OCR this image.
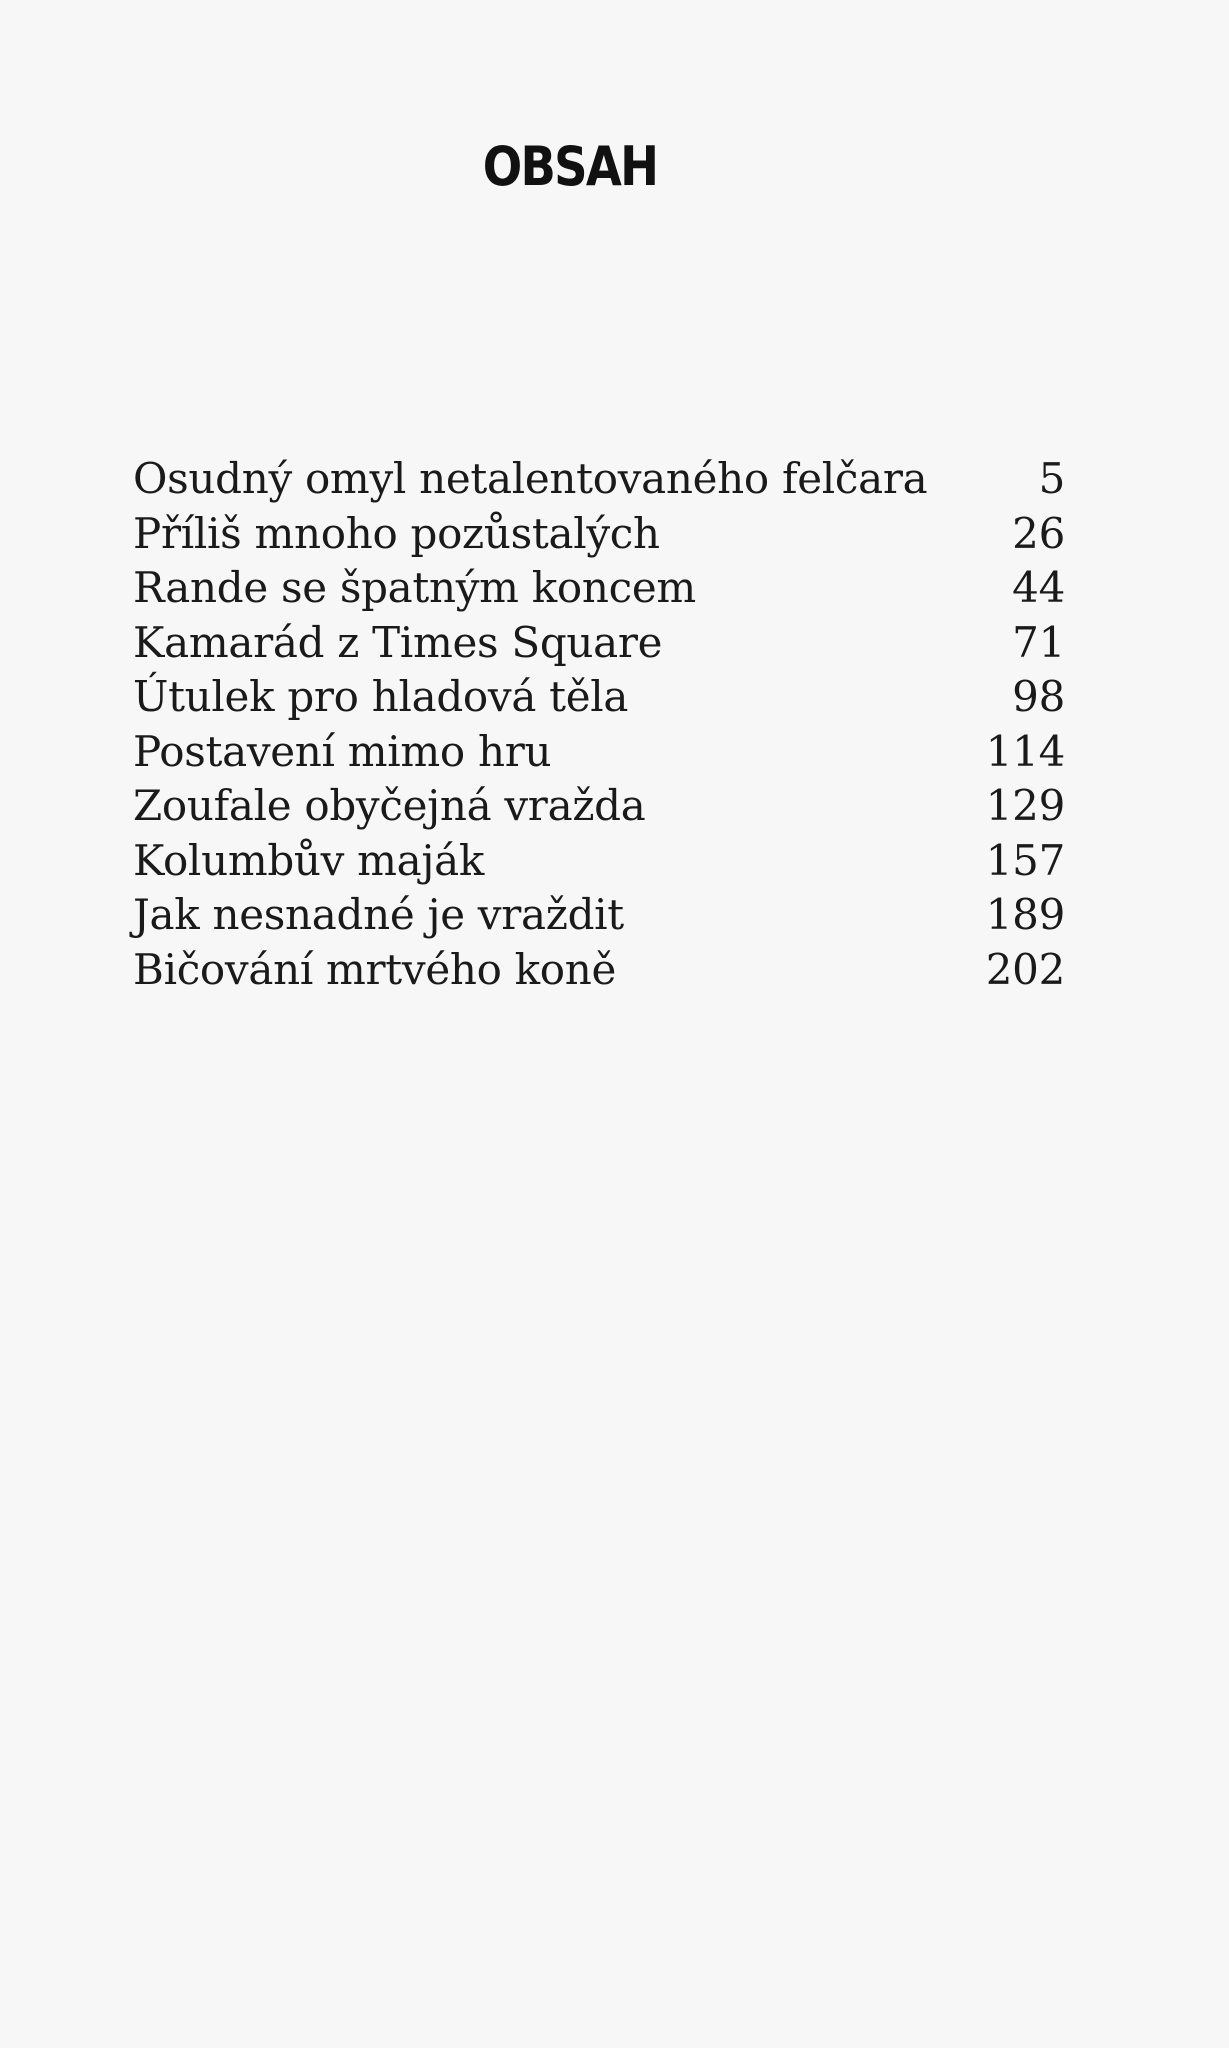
OBSAH
Osudný omyl netalentovaného felčara	5
Příliš mnoho pozůstalých	26
Rande se špatným koncem	44
Kamarád z Times Square	71
Útulek pro hladová těla	98
Postavení mimo hru	114
Zoufale obyčejná vražda	129
Kolumbův maják	157
Jak nesnadné je vraždit	189
Bičování mrtvého koně	202
